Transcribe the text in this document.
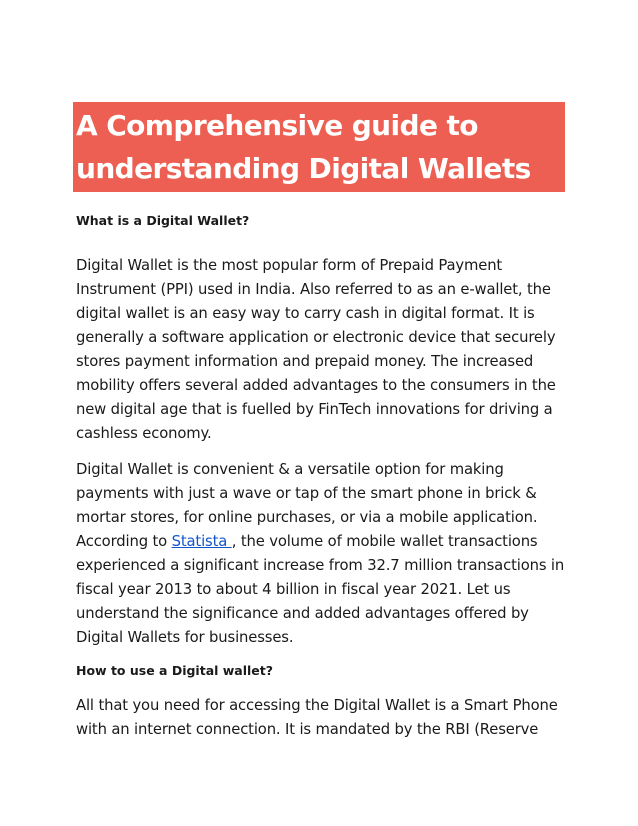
A Comprehensive guide to
understanding Digital Wallets

What is a Digital Wallet?

Digital Wallet is the most popular form of Prepaid Payment
Instrument (PPI) used in India. Also referred to as an e-wallet, the
digital wallet is an easy way to carry cash in digital format. It is
generally a software application or electronic device that securely
stores payment information and prepaid money. The increased
mobility offers several added advantages to the consumers in the
new digital age that is fuelled by FinTech innovations for driving a
cashless economy.

Digital Wallet is convenient & a versatile option for making
payments with just a wave or tap of the smart phone in brick &
mortar stores, for online purchases, or via a mobile application.
According to Statista , the volume of mobile wallet transactions
experienced a significant increase from 32.7 million transactions in
fiscal year 2013 to about 4 billion in fiscal year 2021. Let us
understand the significance and added advantages offered by
Digital Wallets for businesses.

How to use a Digital wallet?

All that you need for accessing the Digital Wallet is a Smart Phone
with an internet connection. It is mandated by the RBI (Reserve
